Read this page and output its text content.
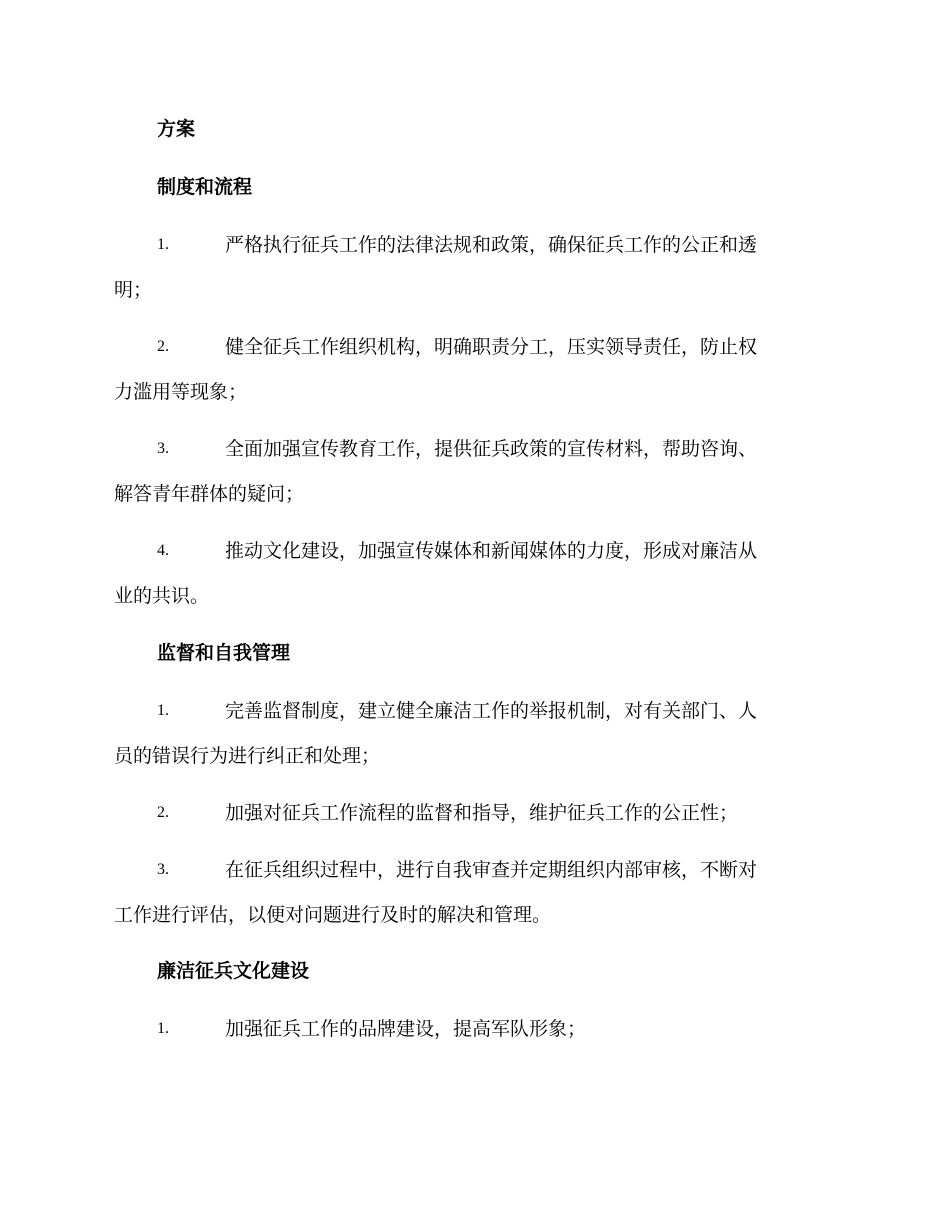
方案
制度和流程
1.	严格执行征兵工作的法律法规和政策，确保征兵工作的公正和透
明；
2.	健全征兵工作组织机构，明确职责分工，压实领导责任，防止权
力滥用等现象；
3.	全面加强宣传教育工作，提供征兵政策的宣传材料，帮助咨询、
解答青年群体的疑问；
4.	推动文化建设，加强宣传媒体和新闻媒体的力度，形成对廉洁从
业的共识。
监督和自我管理
1.	完善监督制度，建立健全廉洁工作的举报机制，对有关部门、人
员的错误行为进行纠正和处理；
2.	加强对征兵工作流程的监督和指导，维护征兵工作的公正性；
3.	在征兵组织过程中，进行自我审查并定期组织内部审核，不断对
工作进行评估，以便对问题进行及时的解决和管理。
廉洁征兵文化建设
1.	加强征兵工作的品牌建设，提高军队形象；
